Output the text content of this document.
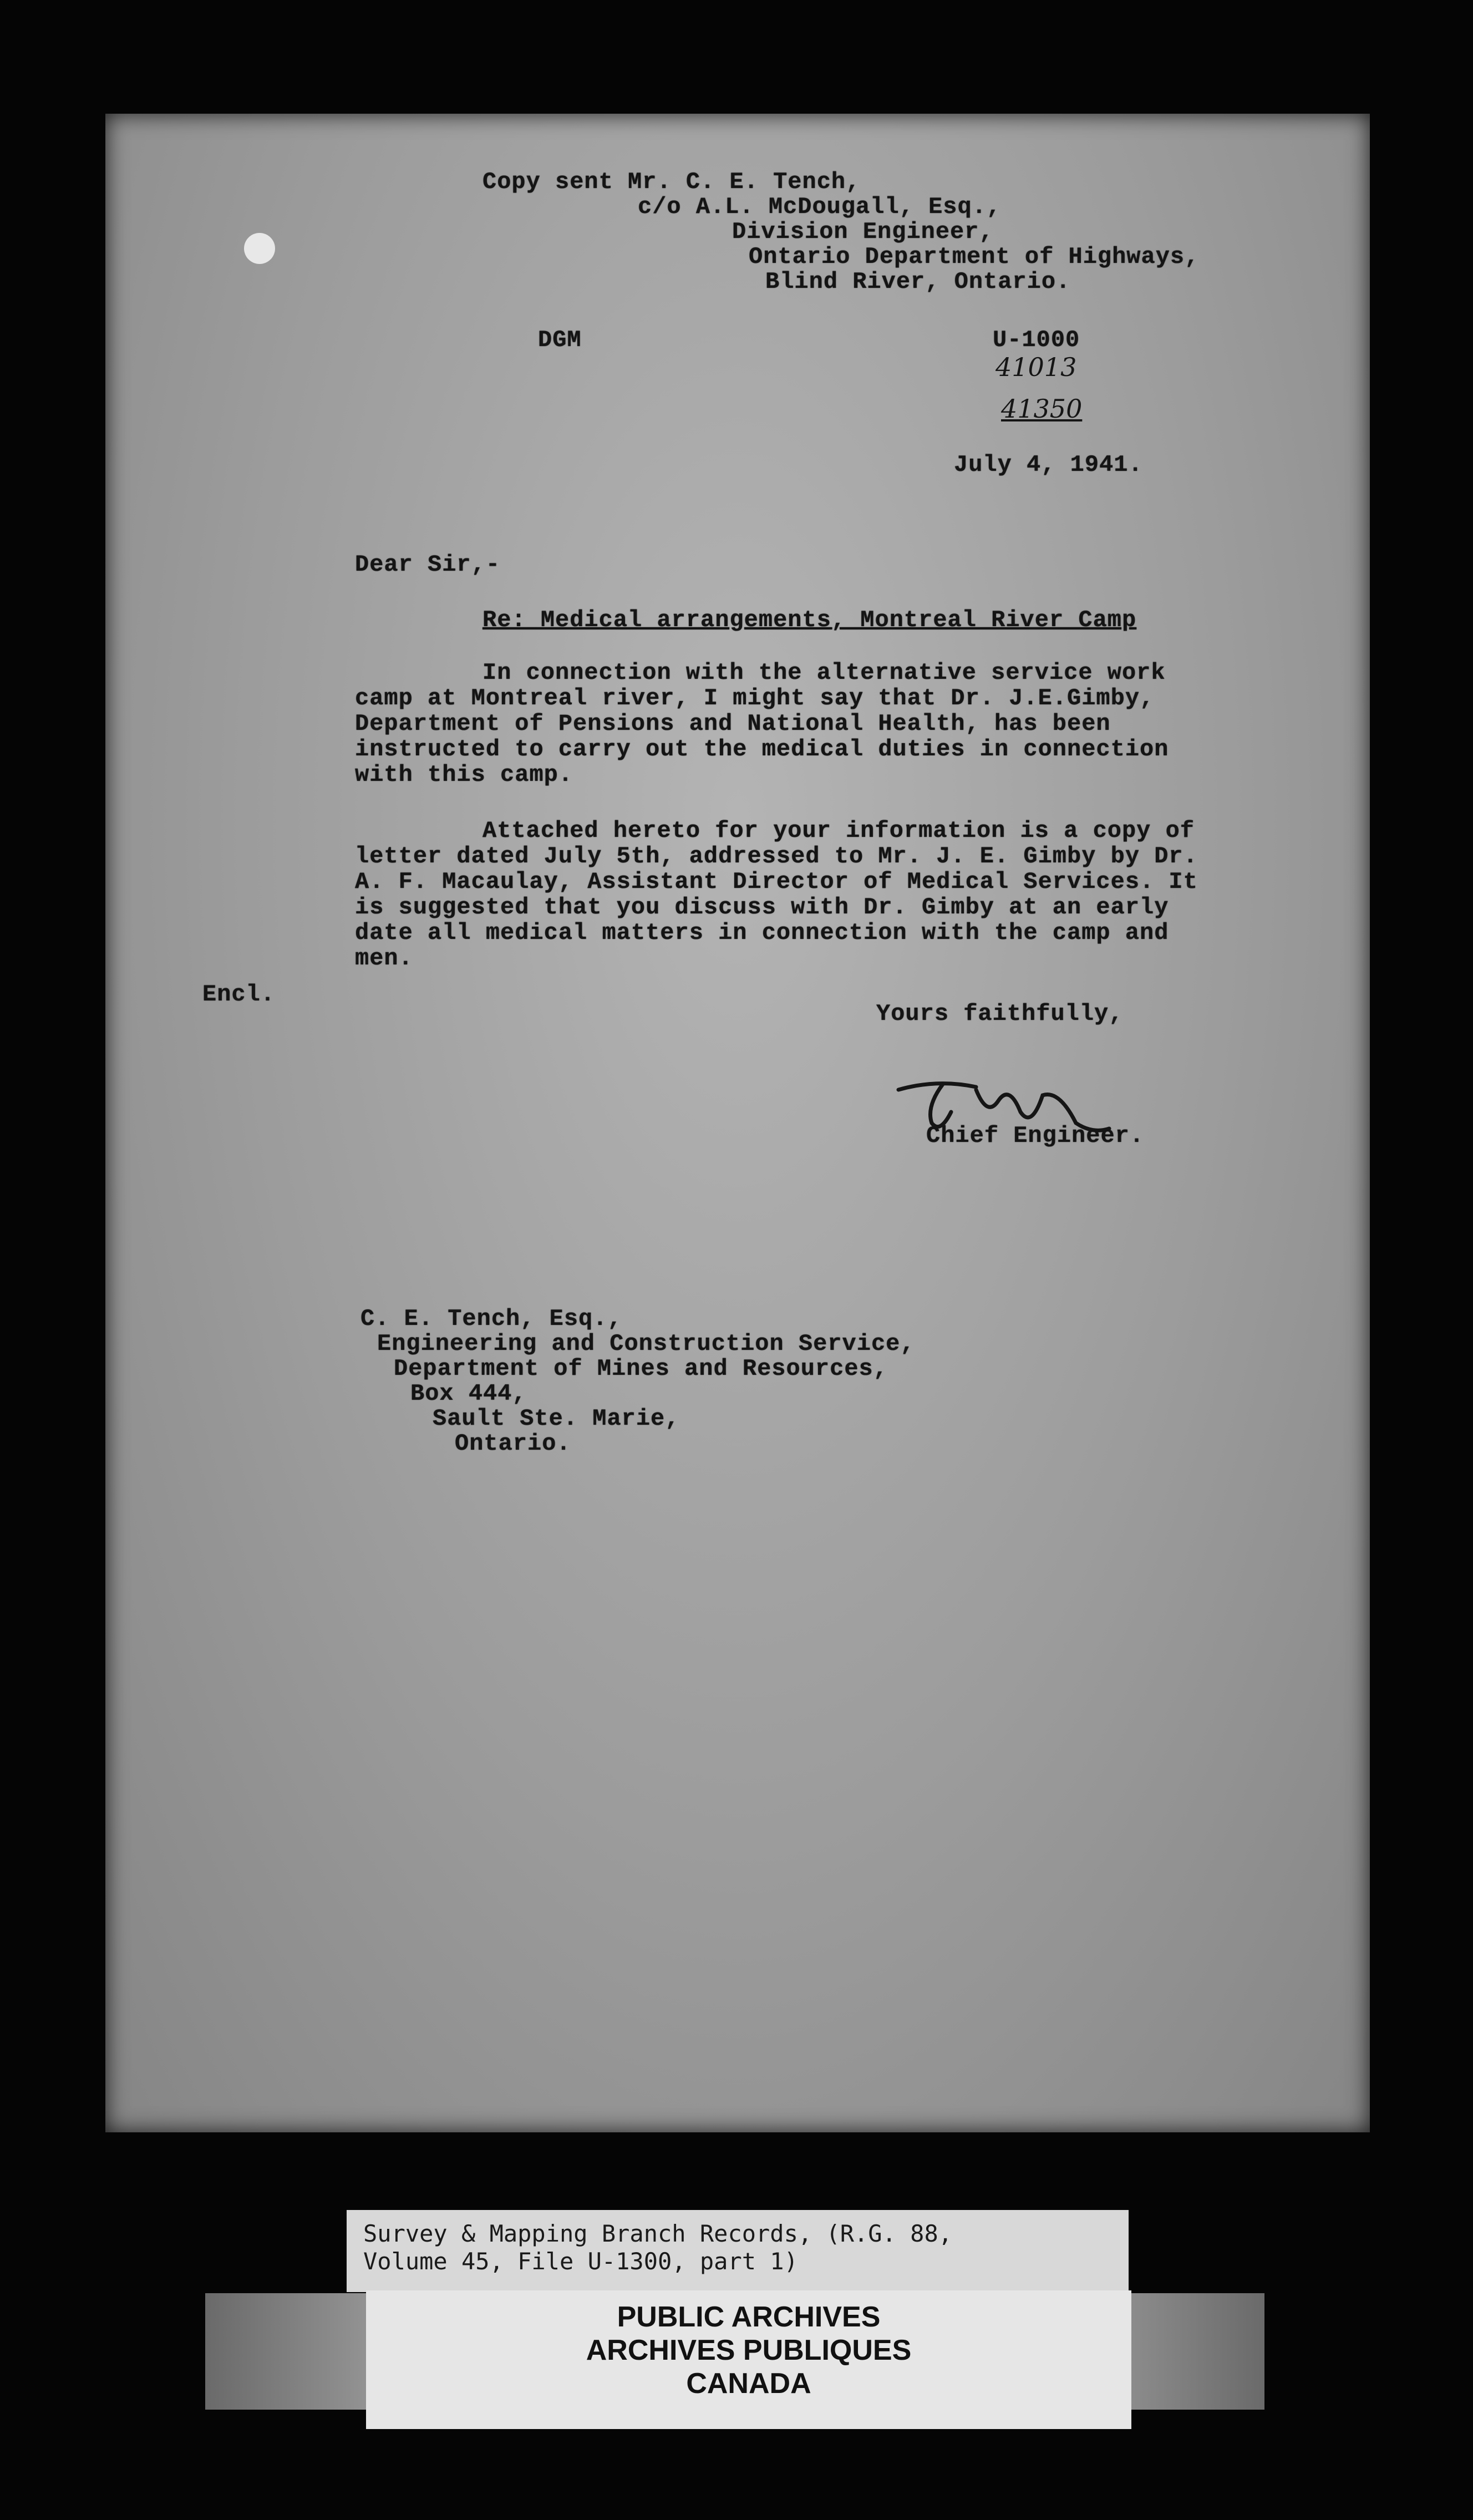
Copy sent Mr. C. E. Tench,
c/o A.L. McDougall, Esq.,
Division Engineer,
Ontario Department of Highways,
Blind River, Ontario.
DGM	U-1000
41013
41350
July 4, 1941.
Dear Sir,-
Re: Medical arrangements, Montreal River Camp
In connection with the alternative service work camp at Montreal river, I might say that Dr. J.E.Gimby, Department of Pensions and National Health, has been instructed to carry out the medical duties in connection with this camp.
Attached hereto for your information is a copy of letter dated July 5th, addressed to Mr. J. E. Gimby by Dr. A. F. Macaulay, Assistant Director of Medical Services. It is suggested that you discuss with Dr. Gimby at an early date all medical matters in connection with the camp and men.
Encl.
Yours faithfully,
Chief Engineer.
C. E. Tench, Esq.,
Engineering and Construction Service,
Department of Mines and Resources,
Box 444,
Sault Ste. Marie,
Ontario.
Survey & Mapping Branch Records, (R.G. 88,
Volume 45, File U-1300, part 1)
PUBLIC ARCHIVES
ARCHIVES PUBLIQUES
CANADA
